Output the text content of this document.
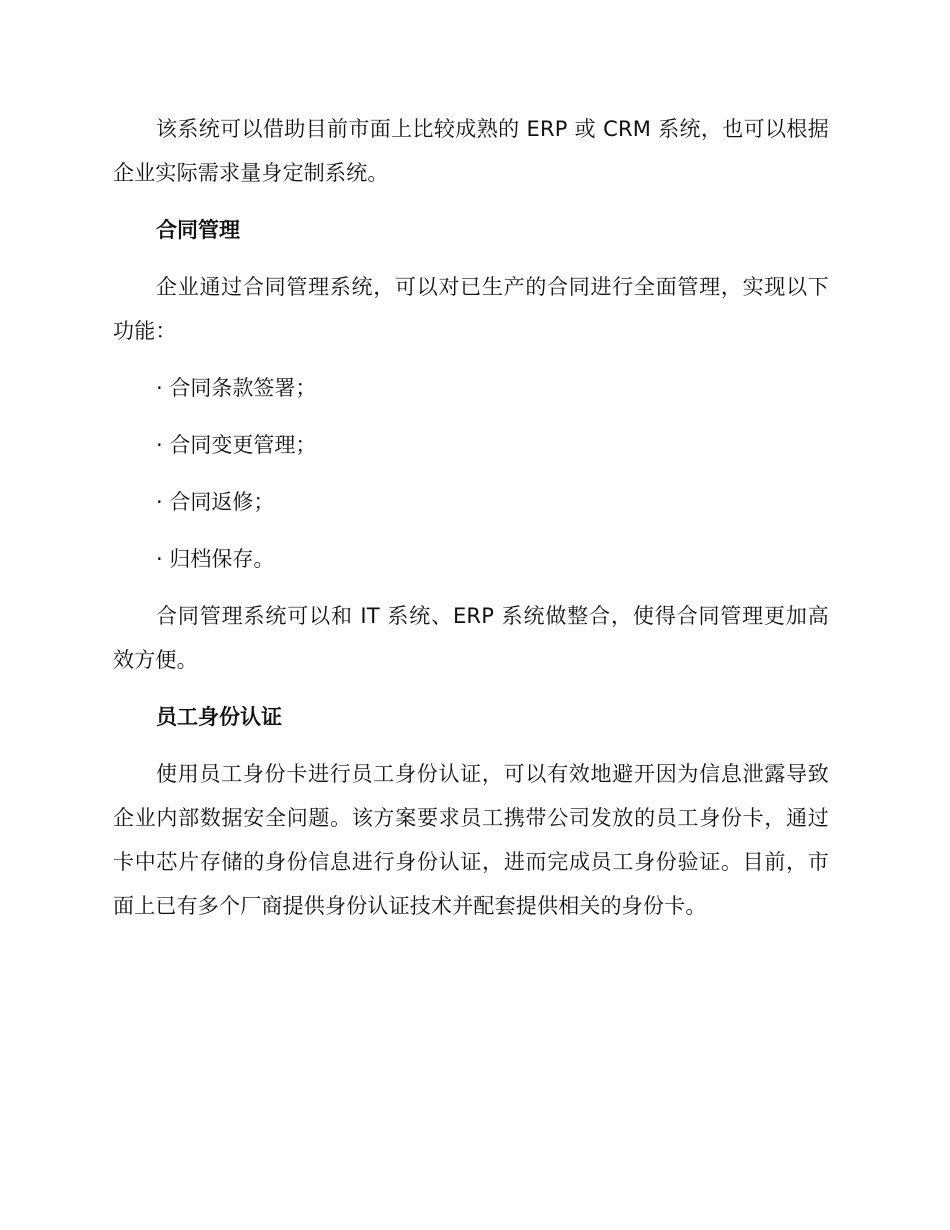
该系统可以借助目前市面上比较成熟的 ERP 或 CRM 系统，也可以根据企业实际需求量身定制系统。

合同管理

企业通过合同管理系统，可以对已生产的合同进行全面管理，实现以下功能：

· 合同条款签署；

· 合同变更管理；

· 合同返修；

· 归档保存。

合同管理系统可以和 IT 系统、ERP 系统做整合，使得合同管理更加高效方便。

员工身份认证

使用员工身份卡进行员工身份认证，可以有效地避开因为信息泄露导致企业内部数据安全问题。该方案要求员工携带公司发放的员工身份卡，通过卡中芯片存储的身份信息进行身份认证，进而完成员工身份验证。目前，市面上已有多个厂商提供身份认证技术并配套提供相关的身份卡。
